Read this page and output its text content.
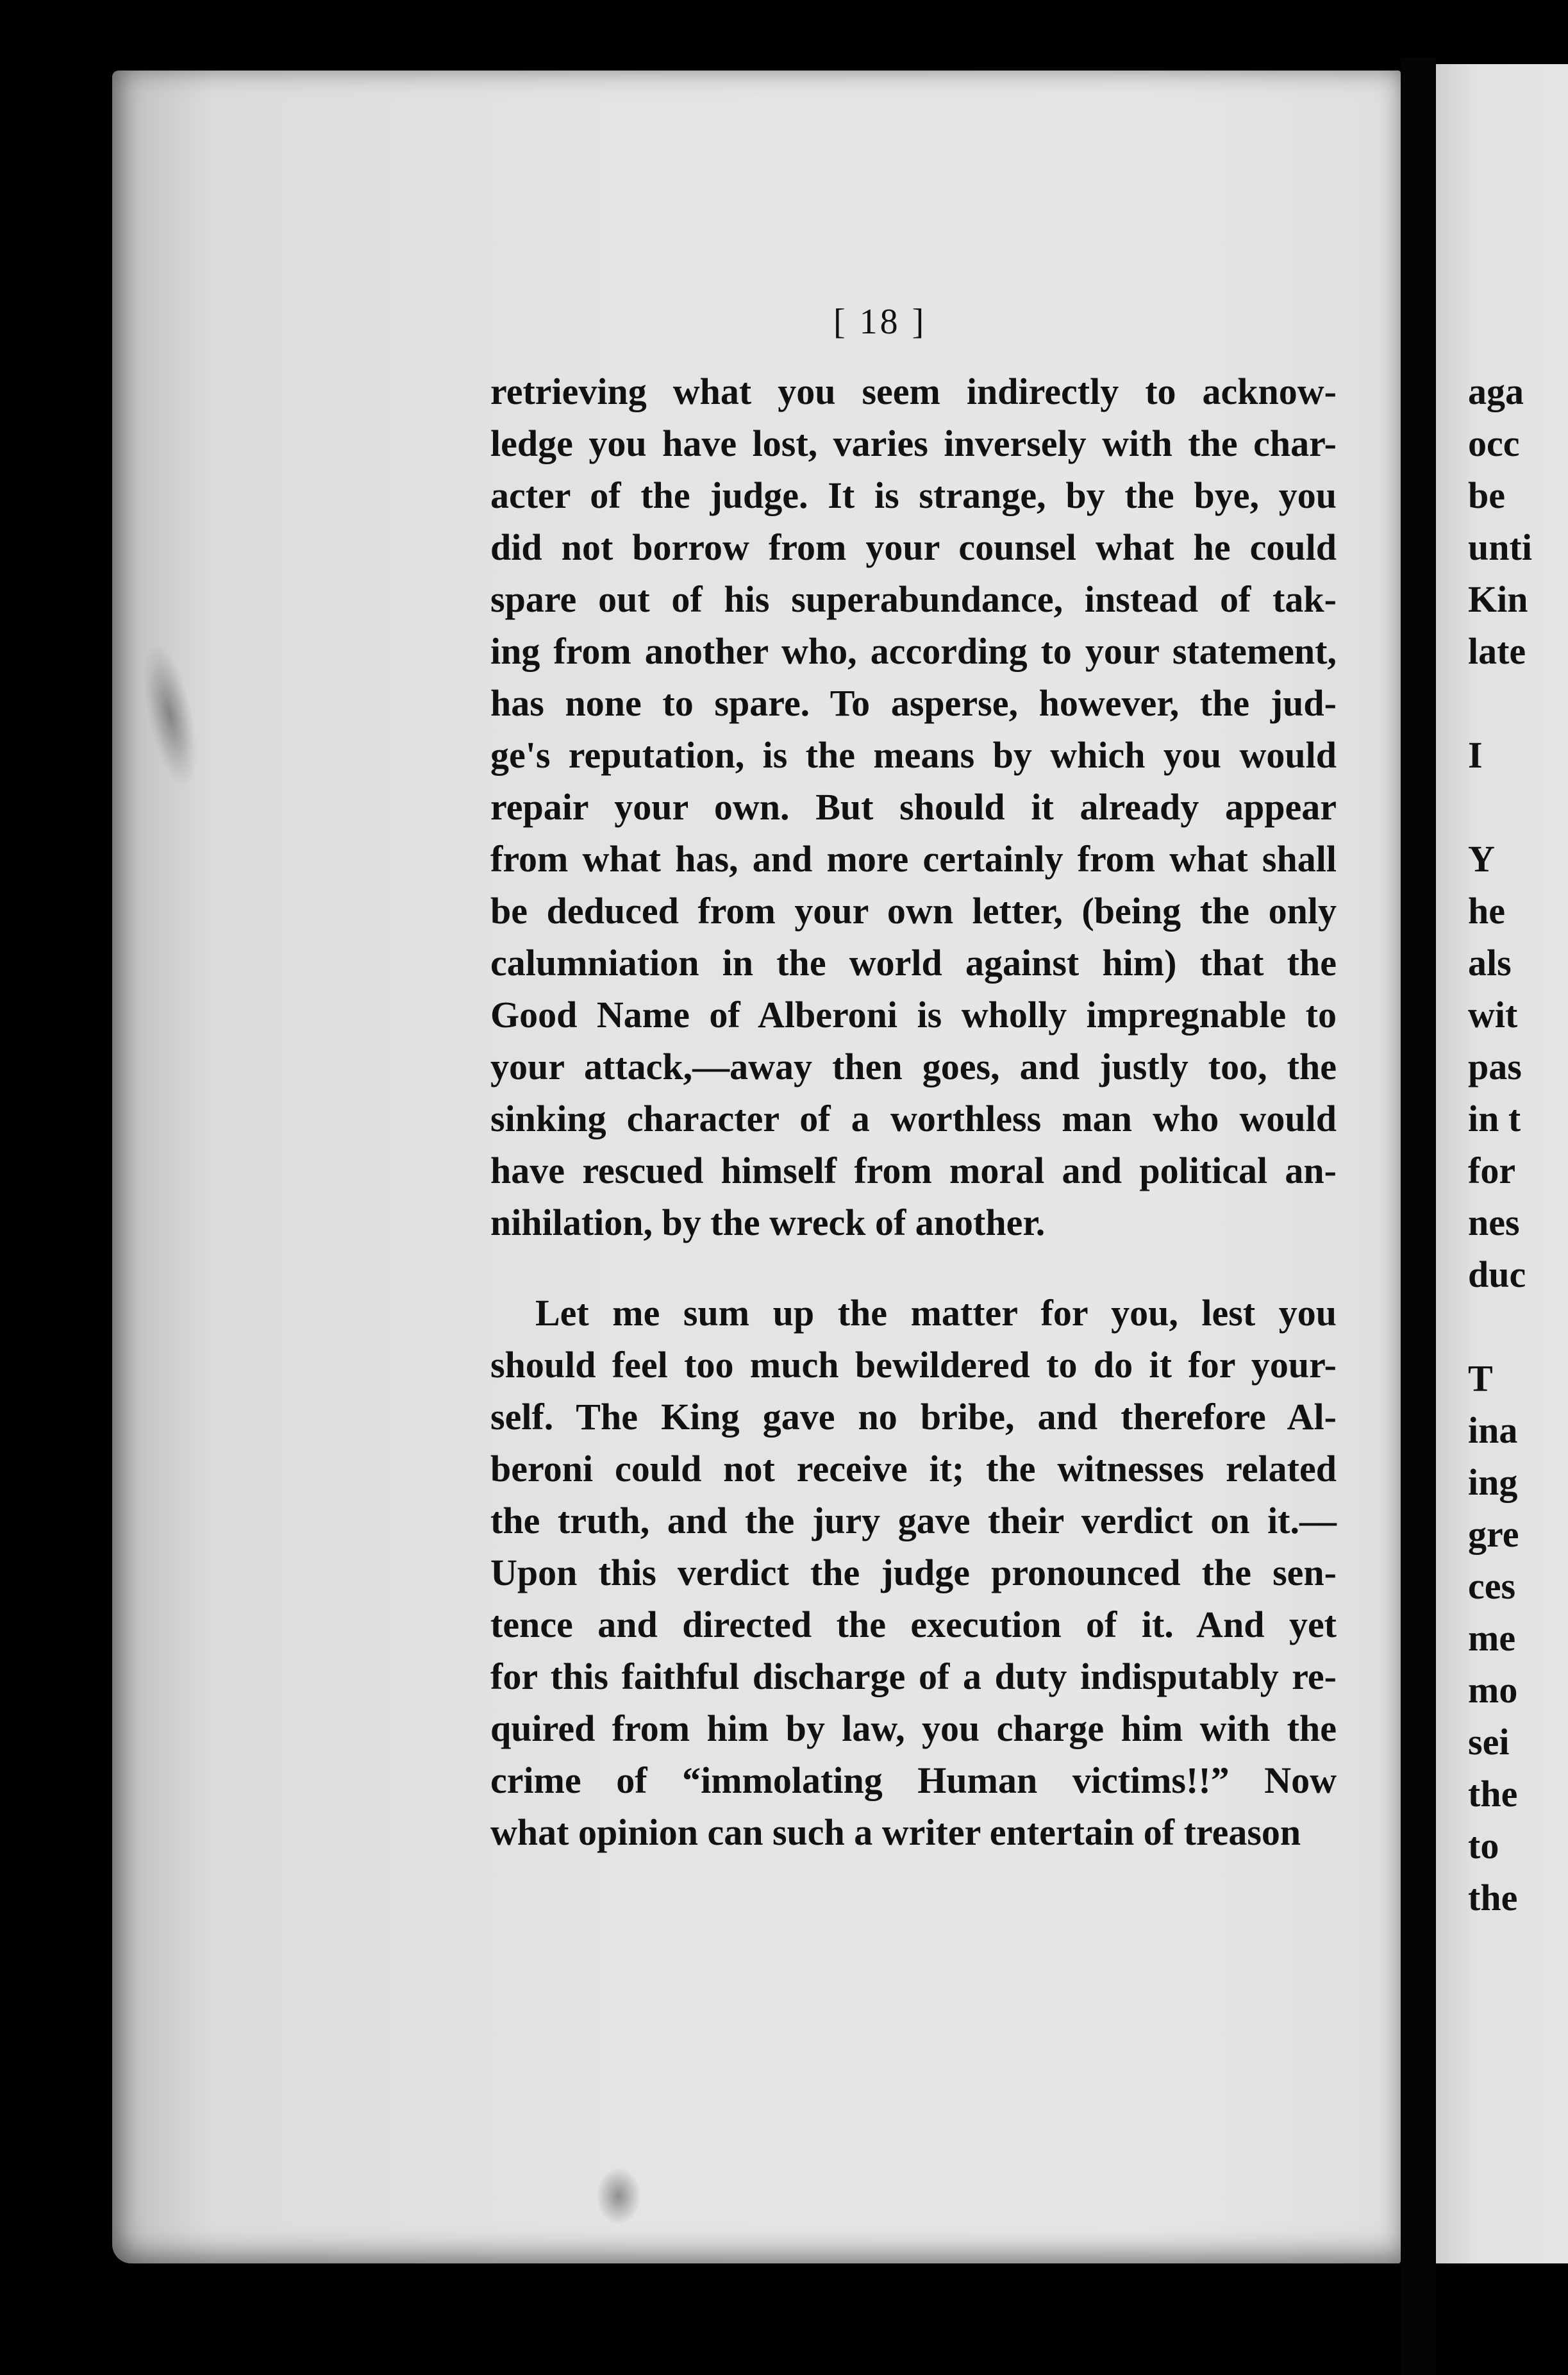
[ 18 ]
retrieving what you seem indirectly to acknow-
ledge you have lost, varies inversely with the char-
acter of the judge. It is strange, by the bye, you
did not borrow from your counsel what he could
spare out of his superabundance, instead of tak-
ing from another who, according to your statement,
has none to spare. To asperse, however, the jud-
ge's reputation, is the means by which you would
repair your own. But should it already appear
from what has, and more certainly from what shall
be deduced from your own letter, (being the only
calumniation in the world against him) that the
Good Name of Alberoni is wholly impregnable to
your attack,—away then goes, and justly too, the
sinking character of a worthless man who would
have rescued himself from moral and political an-
nihilation, by the wreck of another.
Let me sum up the matter for you, lest you
should feel too much bewildered to do it for your-
self. The King gave no bribe, and therefore Al-
beroni could not receive it; the witnesses related
the truth, and the jury gave their verdict on it.—
Upon this verdict the judge pronounced the sen-
tence and directed the execution of it. And yet
for this faithful discharge of a duty indisputably re-
quired from him by law, you charge him with the
crime of “immolating Human victims!!” Now
what opinion can such a writer entertain of treason
aga
occ
be
unti
Kin
late
I
Y
he
als
wit
pas
in t
for
nes
duc
T
ina
ing
gre
ces
me
mo
sei
the
to
the
